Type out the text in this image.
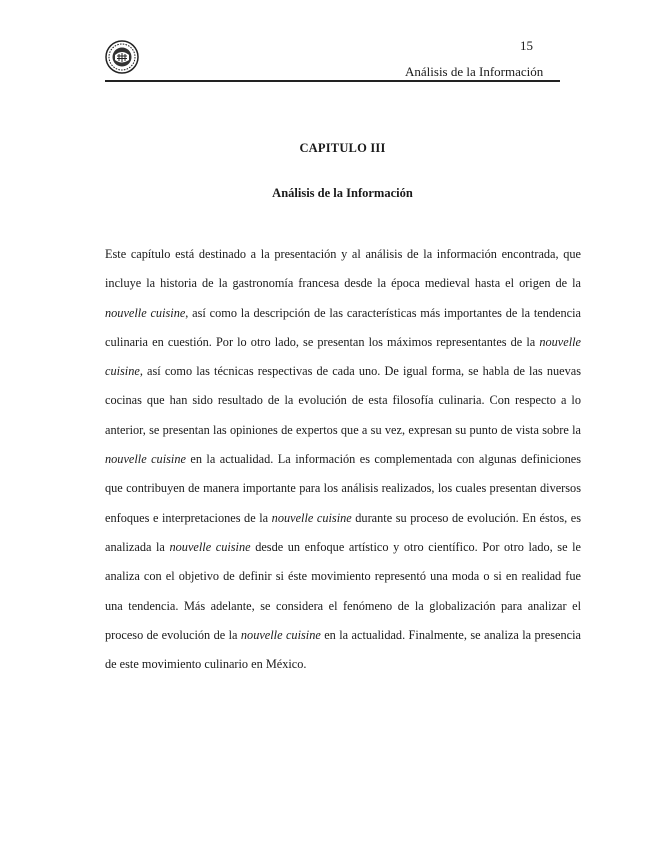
15
Análisis de la Información
CAPITULO III
Análisis de la Información

Este capítulo está destinado a la presentación y al análisis de la información encontrada, que incluye la historia de la gastronomía francesa desde la época medieval hasta el origen de la nouvelle cuisine, así como la descripción de las características más importantes de la tendencia culinaria en cuestión. Por lo otro lado, se presentan los máximos representantes de la nouvelle cuisine, así como las técnicas respectivas de cada uno. De igual forma, se habla de las nuevas cocinas que han sido resultado de la evolución de esta filosofía culinaria. Con respecto a lo anterior, se presentan las opiniones de expertos que a su vez, expresan su punto de vista sobre la nouvelle cuisine en la actualidad. La información es complementada con algunas definiciones que contribuyen de manera importante para los análisis realizados, los cuales presentan diversos enfoques e interpretaciones de la nouvelle cuisine durante su proceso de evolución. En éstos, es analizada la nouvelle cuisine desde un enfoque artístico y otro científico. Por otro lado, se le analiza con el objetivo de definir si éste movimiento representó una moda o si en realidad fue una tendencia. Más adelante, se considera el fenómeno de la globalización para analizar el proceso de evolución de la nouvelle cuisine en la actualidad. Finalmente, se analiza la presencia de este movimiento culinario en México.
